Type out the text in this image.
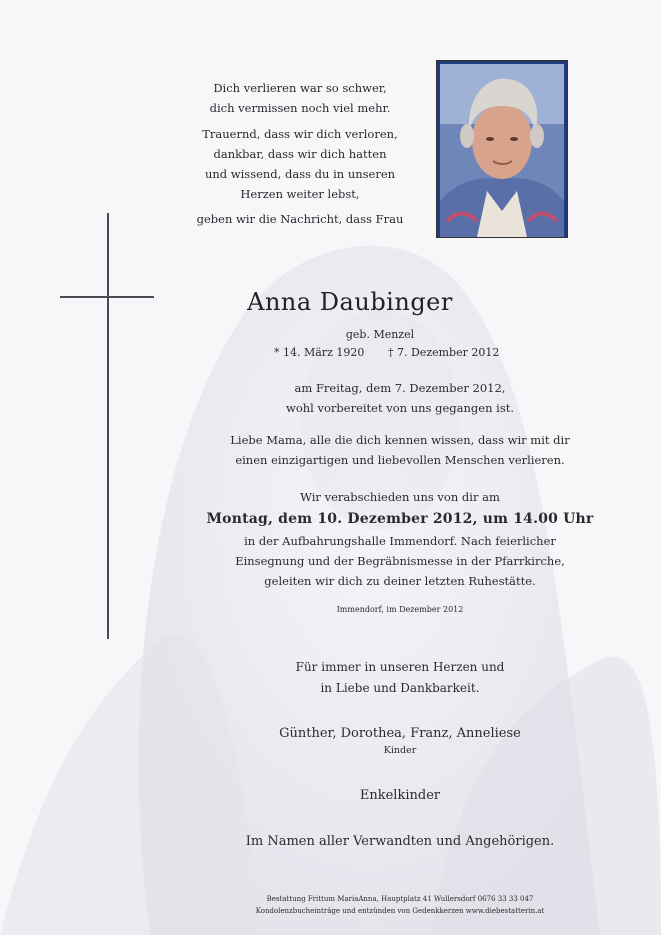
Dich verlieren war so schwer,

dich vermissen noch viel mehr.

Trauernd, dass wir dich verloren,

dankbar, dass wir dich hatten

und wissend, dass du in unseren

Herzen weiter lebst,

geben wir die Nachricht, dass Frau
Anna Daubinger
geb. Menzel
* 14. März 1920 † 7. Dezember 2012

am Freitag, dem 7. Dezember 2012,

wohl vorbereitet von uns gegangen ist.

Liebe Mama, alle die dich kennen wissen, dass wir mit dir

einen einzigartigen und liebevollen Menschen verlieren.

Wir verabschieden uns von dir am

Montag, dem 10. Dezember 2012, um 14.00 Uhr

in der Aufbahrungshalle Immendorf. Nach feierlicher

Einsegnung und der Begräbnismesse in der Pfarrkirche,

geleiten wir dich zu deiner letzten Ruhestätte.

Immendorf, im Dezember 2012

Für immer in unseren Herzen und

in Liebe und Dankbarkeit.

Günther, Dorothea, Franz, Anneliese

Kinder

Enkelkinder
Im Namen aller Verwandten und Angehörigen.

Bestattung Frittum MariaAnna, Hauptplatz 41 Wullersdorf 0676 33 33 047

Kondolenzbucheinträge und entzünden von Gedenkkerzen www.diebestatterin.at
